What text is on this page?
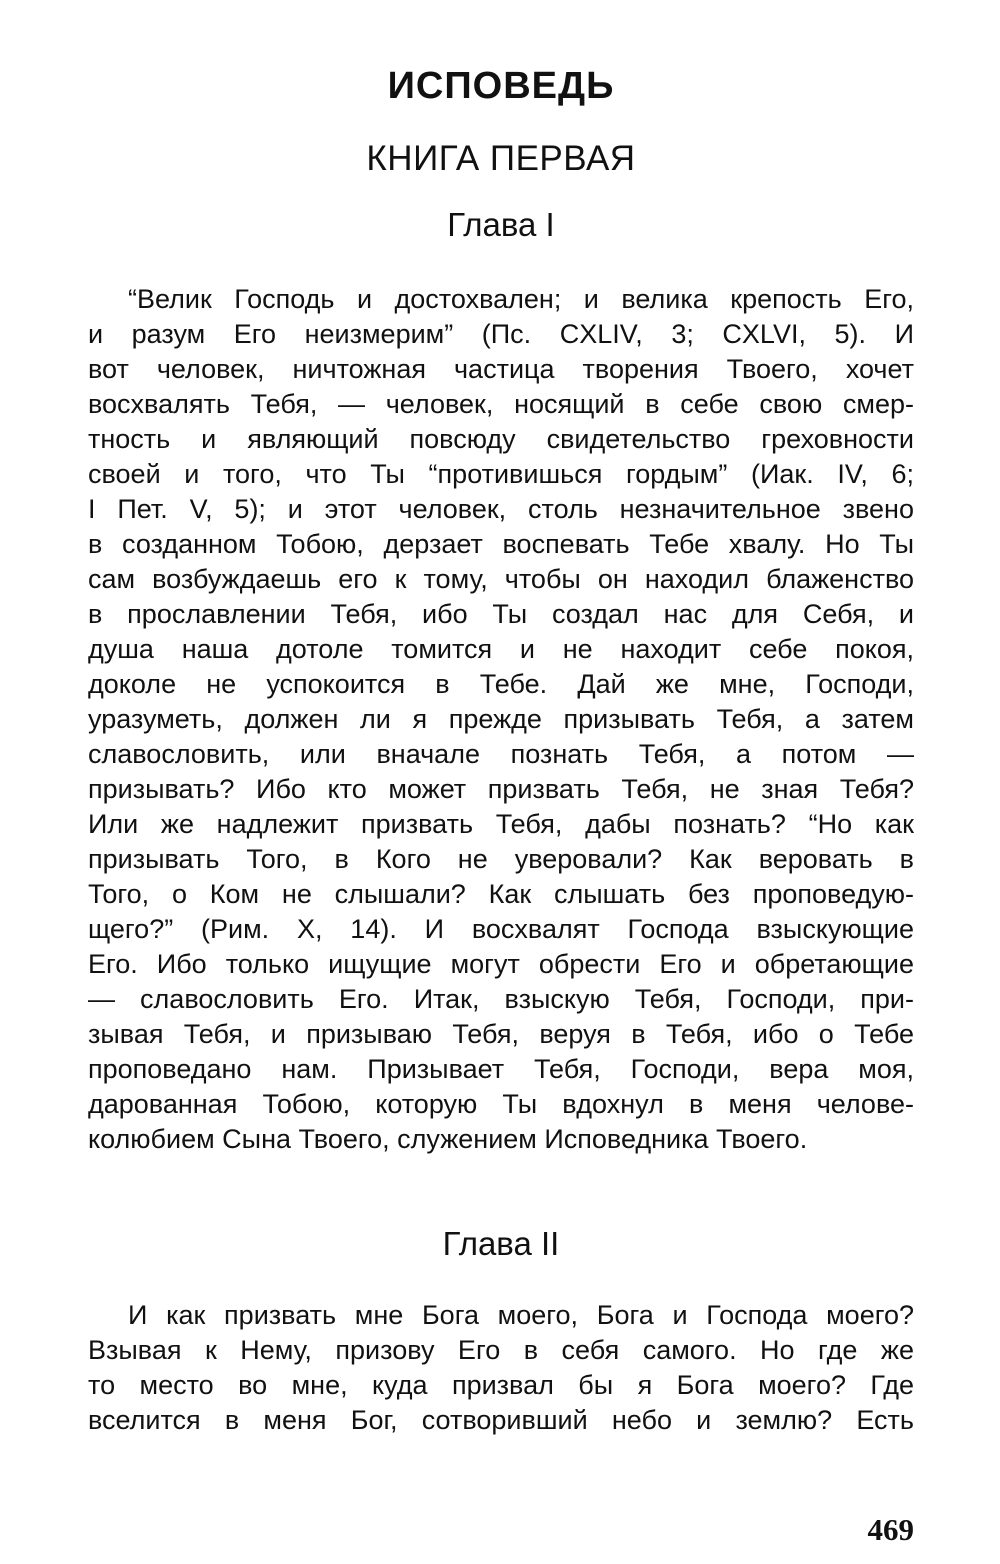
ИСПОВЕДЬ
КНИГА ПЕРВАЯ
Глава I
“Велик Господь и достохвален; и велика крепость Его,
и разум Его неизмерим” (Пс. CXLIV, 3; CXLVI, 5). И
вот человек, ничтожная частица творения Твоего, хочет
восхвалять Тебя, — человек, носящий в себе свою смер-
тность и являющий повсюду свидетельство греховности
своей и того, что Ты “противишься гордым” (Иак. IV, 6;
I Пет. V, 5); и этот человек, столь незначительное звено
в созданном Тобою, дерзает воспевать Тебе хвалу. Но Ты
сам возбуждаешь его к тому, чтобы он находил блаженство
в прославлении Тебя, ибо Ты создал нас для Себя, и
душа наша дотоле томится и не находит себе покоя,
доколе не успокоится в Тебе. Дай же мне, Господи,
уразуметь, должен ли я прежде призывать Тебя, а затем
славословить, или вначале познать Тебя, а потом —
призывать? Ибо кто может призвать Тебя, не зная Тебя?
Или же надлежит призвать Тебя, дабы познать? “Но как
призывать Того, в Кого не уверовали? Как веровать в
Того, о Ком не слышали? Как слышать без проповедую-
щего?” (Рим. X, 14). И восхвалят Господа взыскующие
Его. Ибо только ищущие могут обрести Его и обретающие
— славословить Его. Итак, взыскую Тебя, Господи, при-
зывая Тебя, и призываю Тебя, веруя в Тебя, ибо о Тебе
проповедано нам. Призывает Тебя, Господи, вера моя,
дарованная Тобою, которую Ты вдохнул в меня челове-
колюбием Сына Твоего, служением Исповедника Твоего.
Глава II
И как призвать мне Бога моего, Бога и Господа моего?
Взывая к Нему, призову Его в себя самого. Но где же
то место во мне, куда призвал бы я Бога моего? Где
вселится в меня Бог, сотворивший небо и землю? Есть
469
